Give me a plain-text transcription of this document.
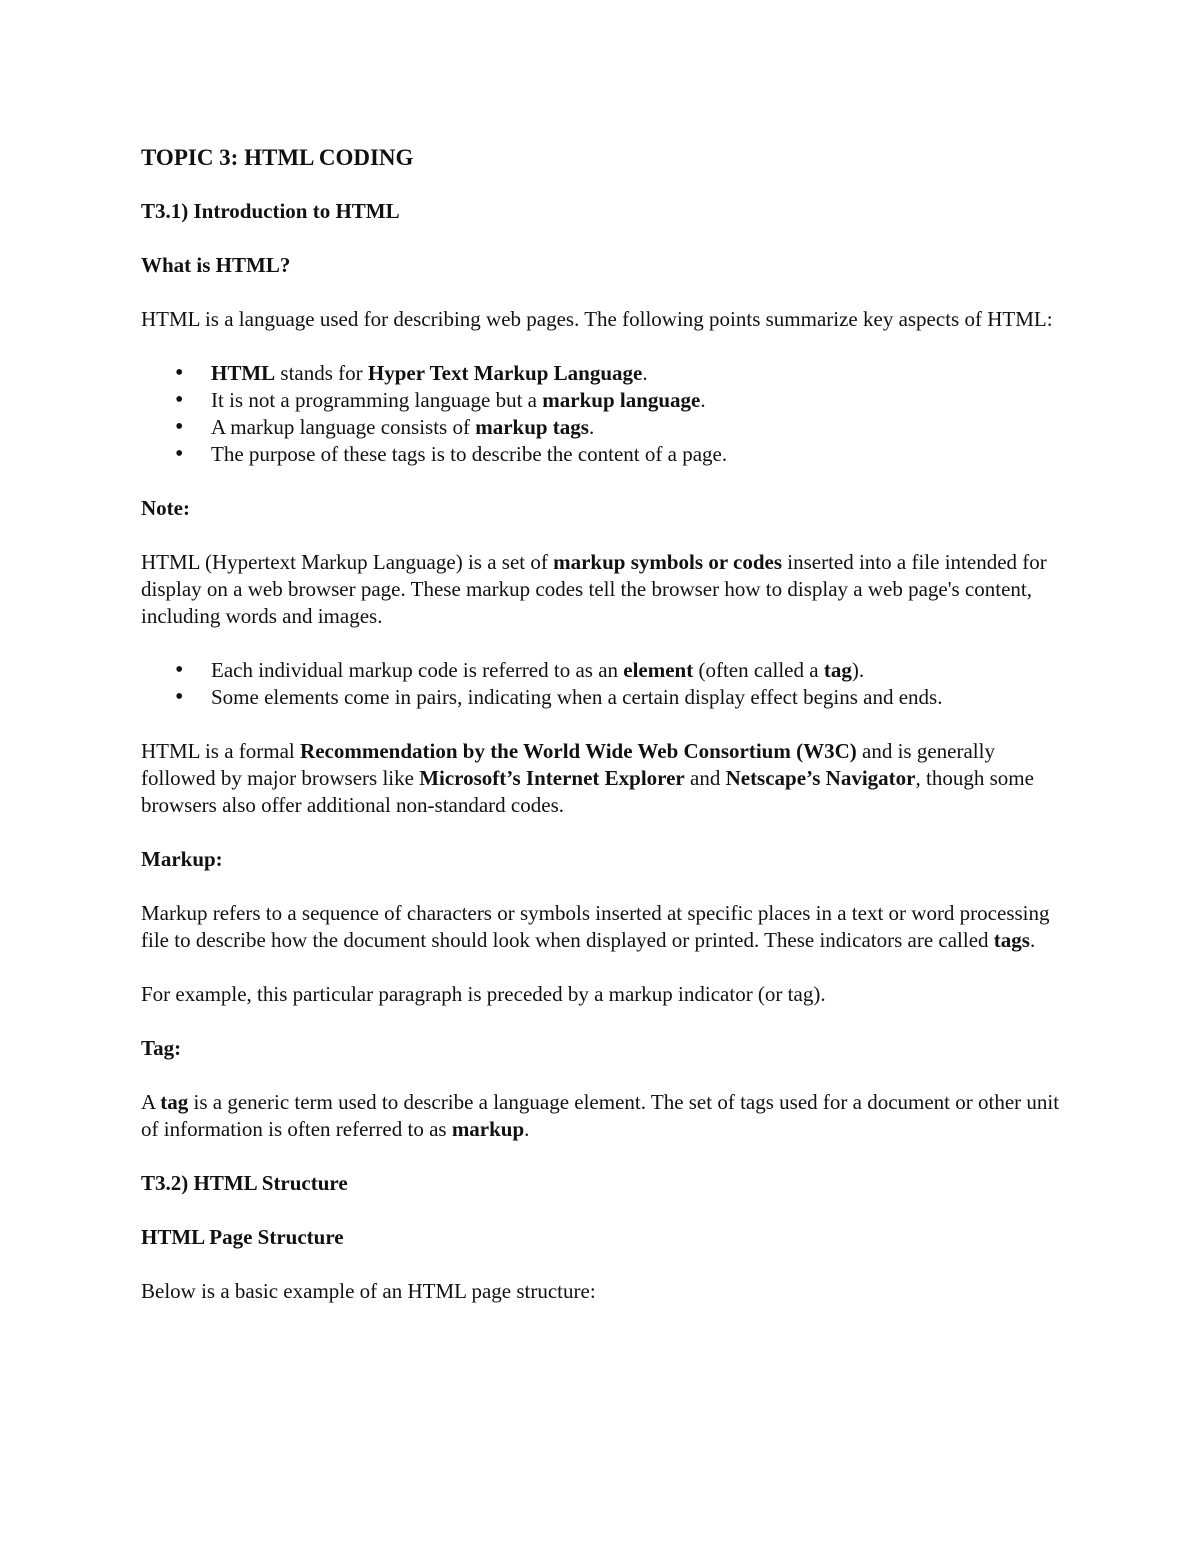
TOPIC 3: HTML CODING
T3.1) Introduction to HTML
What is HTML?

HTML is a language used for describing web pages. The following points summarize key aspects of HTML:

• HTML stands for Hyper Text Markup Language.
• It is not a programming language but a markup language.
• A markup language consists of markup tags.
• The purpose of these tags is to describe the content of a page.
Note:

HTML (Hypertext Markup Language) is a set of markup symbols or codes inserted into a file intended for display on a web browser page. These markup codes tell the browser how to display a web page's content, including words and images.

• Each individual markup code is referred to as an element (often called a tag).
• Some elements come in pairs, indicating when a certain display effect begins and ends.

HTML is a formal Recommendation by the World Wide Web Consortium (W3C) and is generally followed by major browsers like Microsoft’s Internet Explorer and Netscape’s Navigator, though some browsers also offer additional non-standard codes.

Markup:

Markup refers to a sequence of characters or symbols inserted at specific places in a text or word processing file to describe how the document should look when displayed or printed. These indicators are called tags.

For example, this particular paragraph is preceded by a markup indicator (or tag).

Tag:

A tag is a generic term used to describe a language element. The set of tags used for a document or other unit of information is often referred to as markup.

T3.2) HTML Structure
HTML Page Structure

Below is a basic example of an HTML page structure:
